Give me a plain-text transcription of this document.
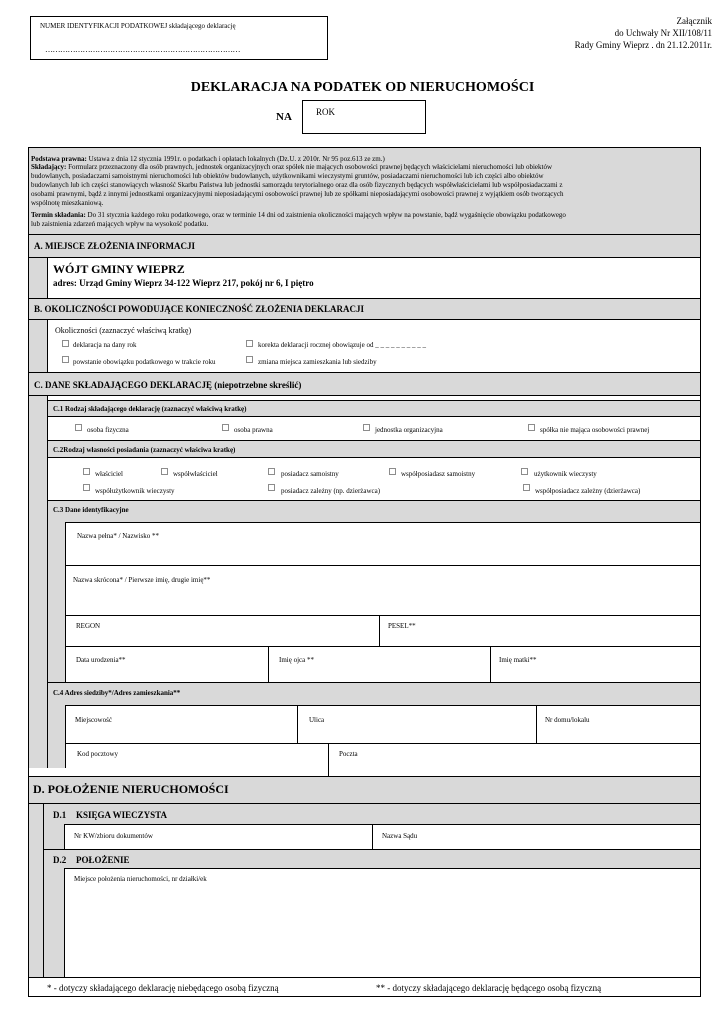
NUMER IDENTYFIKACJI PODATKOWEJ składającego deklarację
……………………………………………………………………
Załącznik
do Uchwały Nr XII/108/11
Rady Gminy Wieprz . dn 21.12.2011r.
DEKLARACJA NA PODATEK OD NIERUCHOMOŚCI
NA	ROK
Podstawa prawna: Ustawa z dnia 12 stycznia 1991r. o podatkach i opłatach lokalnych (Dz.U. z 2010r. Nr 95 poz.613 ze zm.)
Składający: Formularz przeznaczony dla osób prawnych, jednostek organizacyjnych oraz spółek nie mających osobowości prawnej będących właścicielami nieruchomości lub obiektów
budowlanych, posiadaczami samoistnymi nieruchomości lub obiektów budowlanych, użytkownikami wieczystymi gruntów, posiadaczami nieruchomości lub ich części albo obiektów
budowlanych lub ich części stanowiących własność Skarbu Państwa lub jednostki samorządu terytorialnego oraz dla osób fizycznych będących współwłaścicielami lub współposiadaczami z
osobami prawnymi, bądź z innymi jednostkami organizacyjnymi nieposiadającymi osobowości prawnej lub ze spółkami nieposiadającymi osobowości prawnej z wyjątkiem osób tworzących
wspólnotę mieszkaniową.
Termin składania: Do 31 stycznia każdego roku podatkowego, oraz w terminie 14 dni od zaistnienia okoliczności mających wpływ na powstanie, bądź wygaśnięcie obowiązku podatkowego
lub zaistnienia zdarzeń mających wpływ na wysokość podatku.
A. MIEJSCE ZŁOŻENIA INFORMACJI
WÓJT GMINY WIEPRZ
adres: Urząd Gminy Wieprz 34-122 Wieprz 217, pokój nr 6, I piętro
B. OKOLICZNOŚCI POWODUJĄCE KONIECZNOŚĆ ZŁOŻENIA DEKLARACJI
Okoliczności (zaznaczyć właściwą kratkę)
deklaracja na dany rok	korekta deklaracji rocznej obowiązuje od _ _ _ _ _ _ _ _ _ _
powstanie obowiązku podatkowego w trakcie roku	zmiana miejsca zamieszkania lub siedziby
C. DANE SKŁADAJĄCEGO DEKLARACJĘ (niepotrzebne skreślić)
C.1 Rodzaj składającego deklarację (zaznaczyć właściwą kratkę)
osoba fizyczna	osoba prawna	jednostka organizacyjna	spółka nie mająca osobowości prawnej
C.2Rodzaj własności posiadania (zaznaczyć właściwa kratkę)
właściciel	współwłaściciel	posiadacz samoistny	współposiadasz samoistny	użytkownik wieczysty
współużytkownik wieczysty	posiadacz zależny (np. dzierżawca)	współposiadacz zależny (dzierżawca)
C.3 Dane identyfikacyjne
Nazwa pełna* / Nazwisko **
Nazwa skrócona* / Pierwsze imię, drugie imię**
REGON	PESEL**
Data urodzenia**	Imię ojca **	Imię matki**
C.4 Adres siedziby*/Adres zamieszkania**
Miejscowość	Ulica	Nr domu/lokalu
Kod pocztowy	Poczta
D. POŁOŻENIE NIERUCHOMOŚCI
D.1 KSIĘGA WIECZYSTA
Nr KW/zbioru dokumentów	Nazwa Sądu
D.2 POŁOŻENIE
Miejsce położenia nieruchomości, nr działki/ek
* - dotyczy składającego deklarację niebędącego osobą fizyczną	** - dotyczy składającego deklarację będącego osobą fizyczną
